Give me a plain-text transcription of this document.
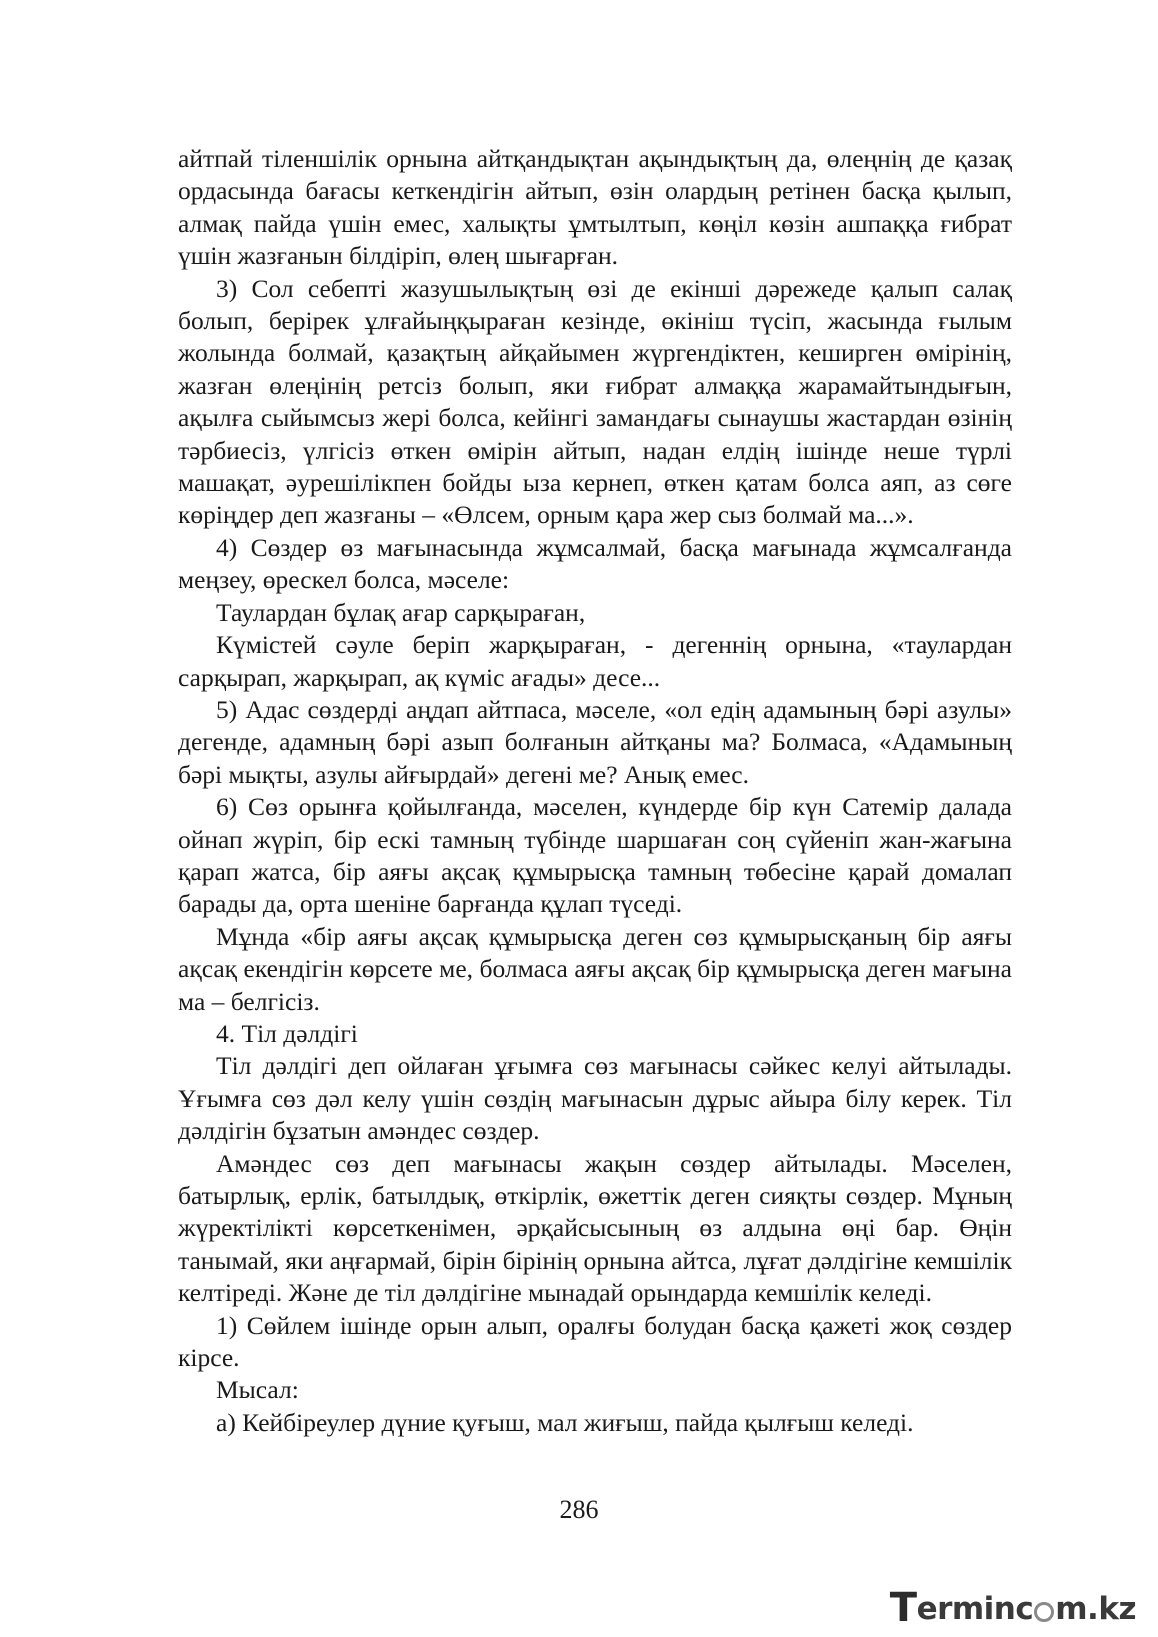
айтпай тіленшілік орнына айтқандықтан ақындықтың да, өлеңнің де қазақ ордасында бағасы кеткендігін айтып, өзін олардың ретінен басқа қылып, алмақ пайда үшін емес, халықты ұмтылтып, көңіл көзін ашпаққа ғибрат үшін жазғанын білдіріп, өлең шығарған.

3) Сол себепті жазушылықтың өзі де екінші дәрежеде қалып салақ болып, берірек ұлғайыңқыраған кезінде, өкініш түсіп, жасында ғылым жолында болмай, қазақтың айқайымен жүргендіктен, кеширген өмірінің, жазған өлеңінің ретсіз болып, яки ғибрат алмаққа жарамайтындығын, ақылға сыйымсыз жері болса, кейінгі замандағы сынаушы жастардан өзінің тәрбиесіз, үлгісіз өткен өмірін айтып, надан елдің ішінде неше түрлі машақат, әурешілікпен бойды ыза кернеп, өткен қатам болса аяп, аз сөге көріңдер деп жазғаны – «Өлсем, орным қара жер сыз болмай ма...».

4) Сөздер өз мағынасында жұмсалмай, басқа мағынада жұмсалғанда меңзеу, өрескел болса, мәселе:

Таулардан бұлақ ағар сарқыраған,

Күмістей сәуле беріп жарқыраған, - дегеннің орнына, «таулардан сарқырап, жарқырап, ақ күміс ағады» десе...

5) Адас сөздерді аңдап айтпаса, мәселе, «ол едің адамының бәрі азулы» дегенде, адамның бәрі азып болғанын айтқаны ма? Болмаса, «Адамының бәрі мықты, азулы айғырдай» дегені ме? Анық емес.

6) Сөз орынға қойылғанда, мәселен, күндерде бір күн Сатемір далада ойнап жүріп, бір ескі тамның түбінде шаршаған соң сүйеніп жан-жағына қарап жатса, бір аяғы ақсақ құмырысқа тамның төбесіне қарай домалап барады да, орта шеніне барғанда құлап түседі.

Мұнда «бір аяғы ақсақ құмырысқа деген сөз құмырысқаның бір аяғы ақсақ екендігін көрсете ме, болмаса аяғы ақсақ бір құмырысқа деген мағына ма – белгісіз.

4. Тіл дәлдігі

Тіл дәлдігі деп ойлаған ұғымға сөз мағынасы сәйкес келуі айтылады. Ұғымға сөз дәл келу үшін сөздің мағынасын дұрыс айыра білу керек. Тіл дәлдігін бұзатын амәндес сөздер.

Амәндес сөз деп мағынасы жақын сөздер айтылады. Мәселен, батырлық, ерлік, батылдық, өткірлік, өжеттік деген сияқты сөздер. Мұның жүректілікті көрсеткенімен, әрқайсысының өз алдына өңі бар. Өңін танымай, яки аңғармай, бірін бірінің орнына айтса, лұғат дәлдігіне кемшілік келтіреді. Және де тіл дәлдігіне мынадай орындарда кемшілік келеді.

1) Сөйлем ішінде орын алып, оралғы болудан басқа қажеті жоқ сөздер кірсе.

Мысал:

а) Кейбіреулер дүние қуғыш, мал жиғыш, пайда қылғыш келеді.

286
Terminc m.kz
